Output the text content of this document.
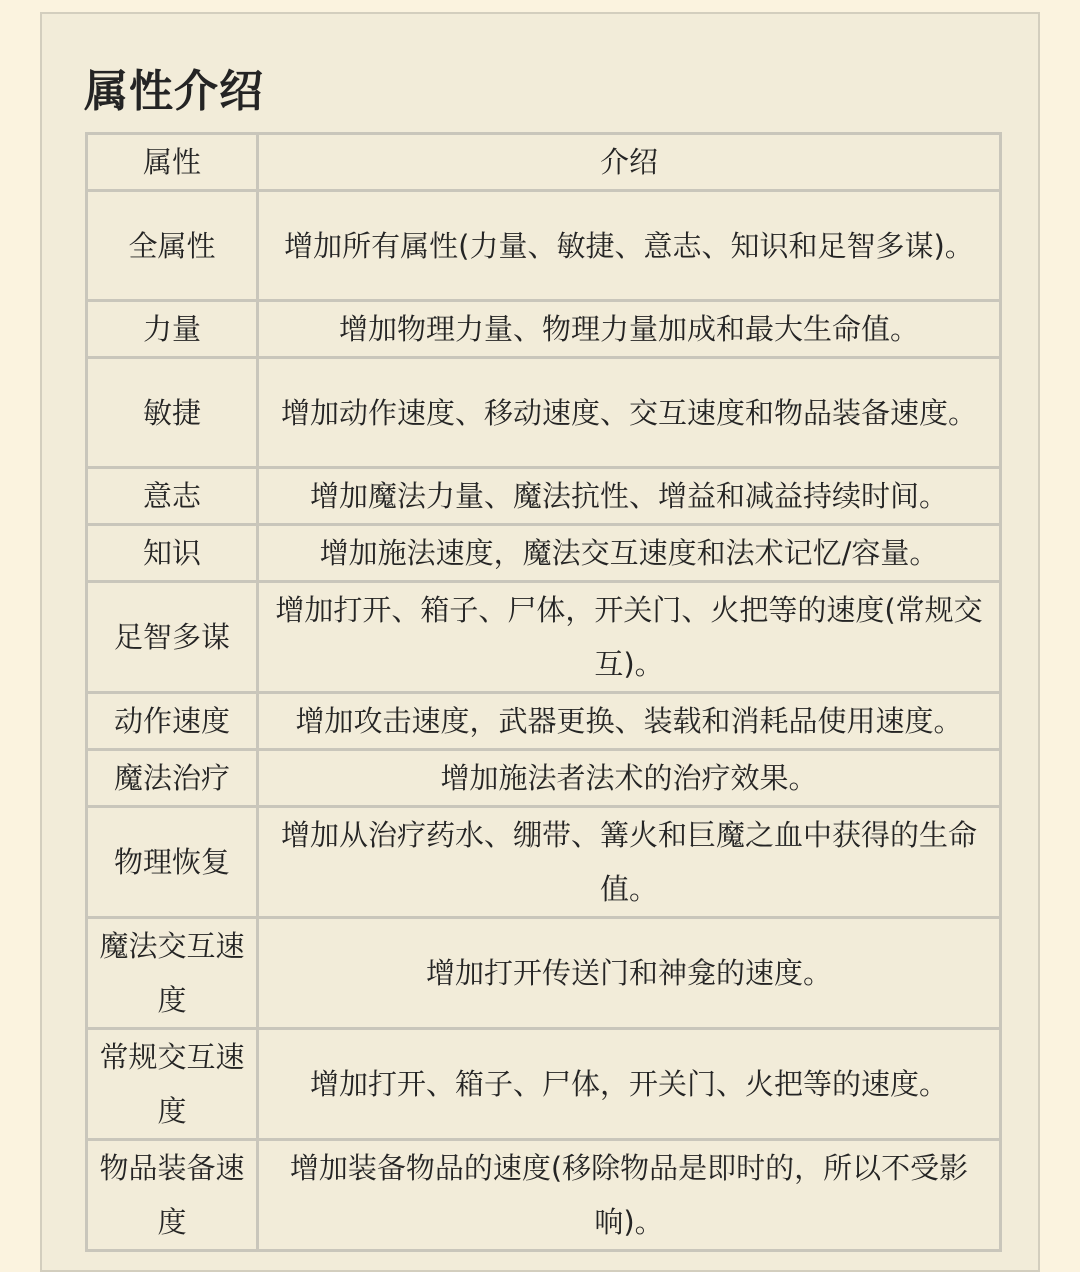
属性介绍
属性	介绍
全属性	增加所有属性(力量、敏捷、意志、知识和足智多谋)。
力量	增加物理力量、物理力量加成和最大生命值。
敏捷	增加动作速度、移动速度、交互速度和物品装备速度。
意志	增加魔法力量、魔法抗性、增益和减益持续时间。
知识	增加施法速度，魔法交互速度和法术记忆/容量。
足智多谋	增加打开、箱子、尸体，开关门、火把等的速度(常规交互)。
动作速度	增加攻击速度，武器更换、装载和消耗品使用速度。
魔法治疗	增加施法者法术的治疗效果。
物理恢复	增加从治疗药水、绷带、篝火和巨魔之血中获得的生命值。
魔法交互速度	增加打开传送门和神龛的速度。
常规交互速度	增加打开、箱子、尸体，开关门、火把等的速度。
物品装备速度	增加装备物品的速度(移除物品是即时的，所以不受影响)。
